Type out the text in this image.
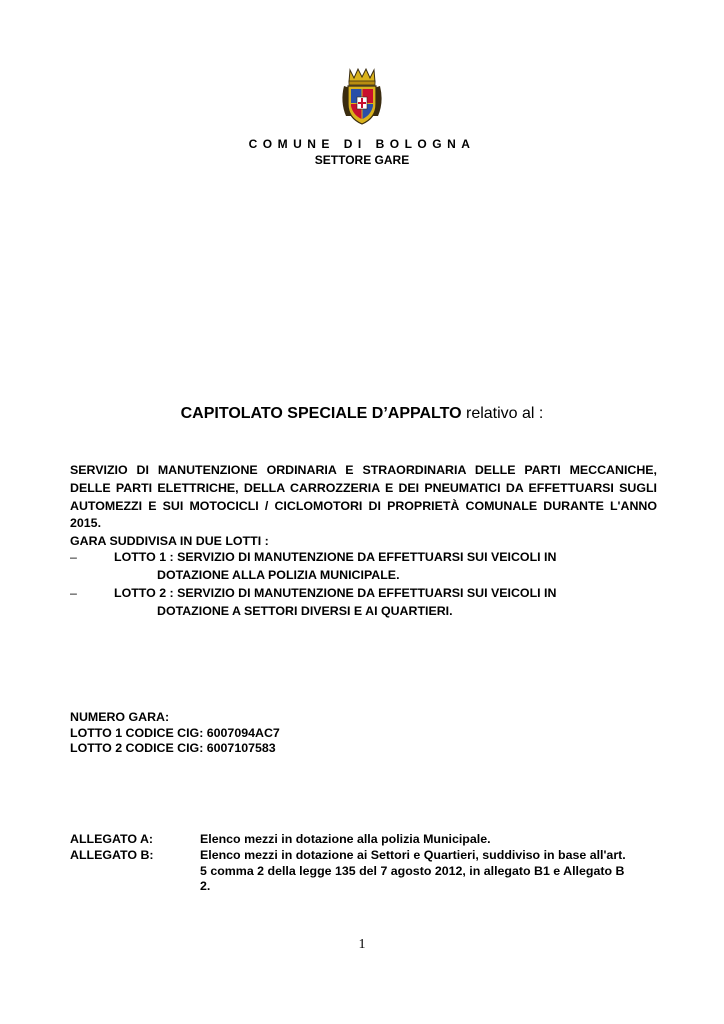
COMUNE DI BOLOGNA
SETTORE GARE
CAPITOLATO SPECIALE D’APPALTO relativo al :

SERVIZIO DI MANUTENZIONE ORDINARIA E STRAORDINARIA DELLE PARTI MECCANICHE, DELLE PARTI ELETTRICHE, DELLA CARROZZERIA E DEI PNEUMATICI DA EFFETTUARSI SUGLI AUTOMEZZI E SUI MOTOCICLI / CICLOMOTORI DI PROPRIETÀ COMUNALE DURANTE L'ANNO 2015.

GARA SUDDIVISA IN DUE LOTTI :
–	LOTTO 1 : SERVIZIO DI MANUTENZIONE DA EFFETTUARSI SUI VEICOLI IN
DOTAZIONE ALLA POLIZIA MUNICIPALE.
–	LOTTO 2 : SERVIZIO DI MANUTENZIONE DA EFFETTUARSI SUI VEICOLI IN
DOTAZIONE A SETTORI DIVERSI E AI QUARTIERI.
NUMERO GARA:
LOTTO 1 CODICE CIG: 6007094AC7
LOTTO 2 CODICE CIG: 6007107583
ALLEGATO A:	Elenco mezzi in dotazione alla polizia Municipale.
ALLEGATO B:	Elenco mezzi in dotazione ai Settori e Quartieri, suddiviso in base all'art. 5 comma 2 della legge 135 del 7 agosto 2012, in allegato B1 e Allegato B 2.
1
